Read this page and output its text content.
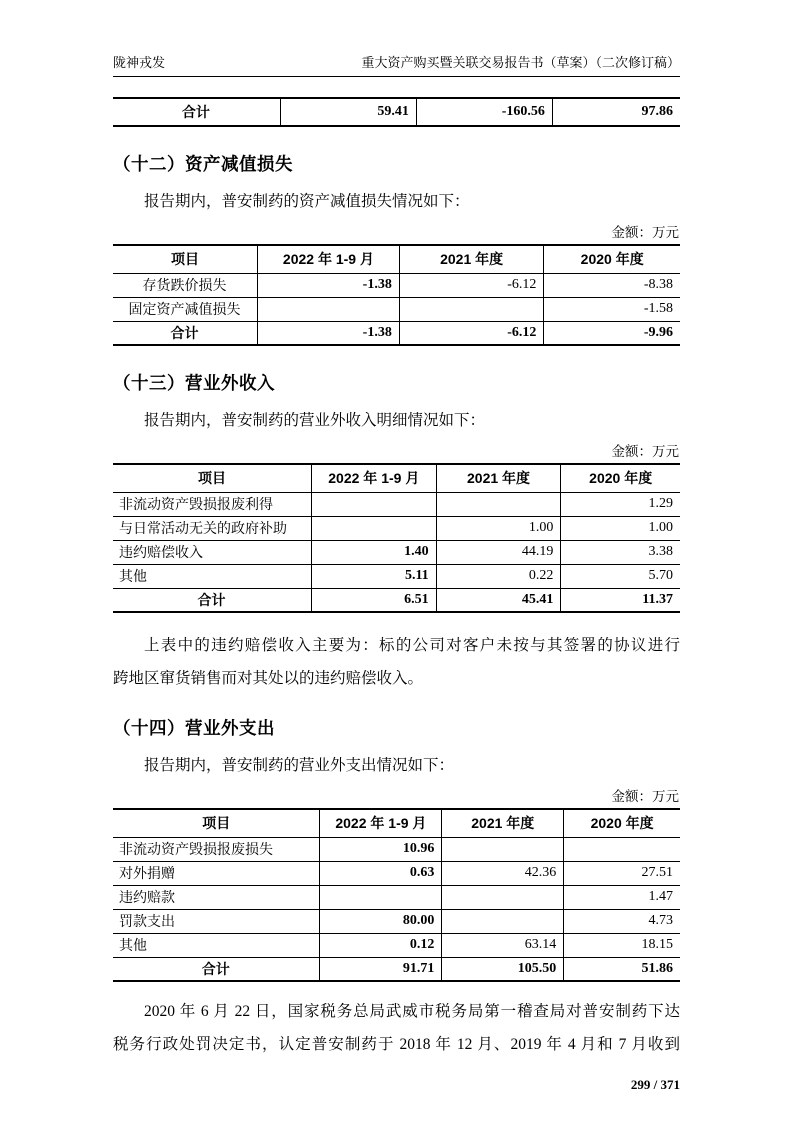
陇神戎发	重大资产购买暨关联交易报告书（草案）（二次修订稿）
合计	59.41	-160.56	97.86
（十二）资产减值损失

报告期内，普安制药的资产减值损失情况如下：

金额：万元
项目	2022 年 1-9 月	2021 年度	2020 年度
存货跌价损失	-1.38	-6.12	-8.38
固定资产减值损失			-1.58
合计	-1.38	-6.12	-9.96
（十三）营业外收入

报告期内，普安制药的营业外收入明细情况如下：

金额：万元
项目	2022 年 1-9 月	2021 年度	2020 年度
非流动资产毁损报废利得			1.29
与日常活动无关的政府补助		1.00	1.00
违约赔偿收入	1.40	44.19	3.38
其他	5.11	0.22	5.70
合计	6.51	45.41	11.37

上表中的违约赔偿收入主要为：标的公司对客户未按与其签署的协议进行

跨地区窜货销售而对其处以的违约赔偿收入。

（十四）营业外支出

报告期内，普安制药的营业外支出情况如下：

金额：万元
项目	2022 年 1-9 月	2021 年度	2020 年度
非流动资产毁损报废损失	10.96		
对外捐赠	0.63	42.36	27.51
违约赔款			1.47
罚款支出	80.00		4.73
其他	0.12	63.14	18.15
合计	91.71	105.50	51.86

2020 年 6 月 22 日，国家税务总局武威市税务局第一稽查局对普安制药下达

税务行政处罚决定书，认定普安制药于 2018 年 12 月、2019 年 4 月和 7 月收到

299 / 371
